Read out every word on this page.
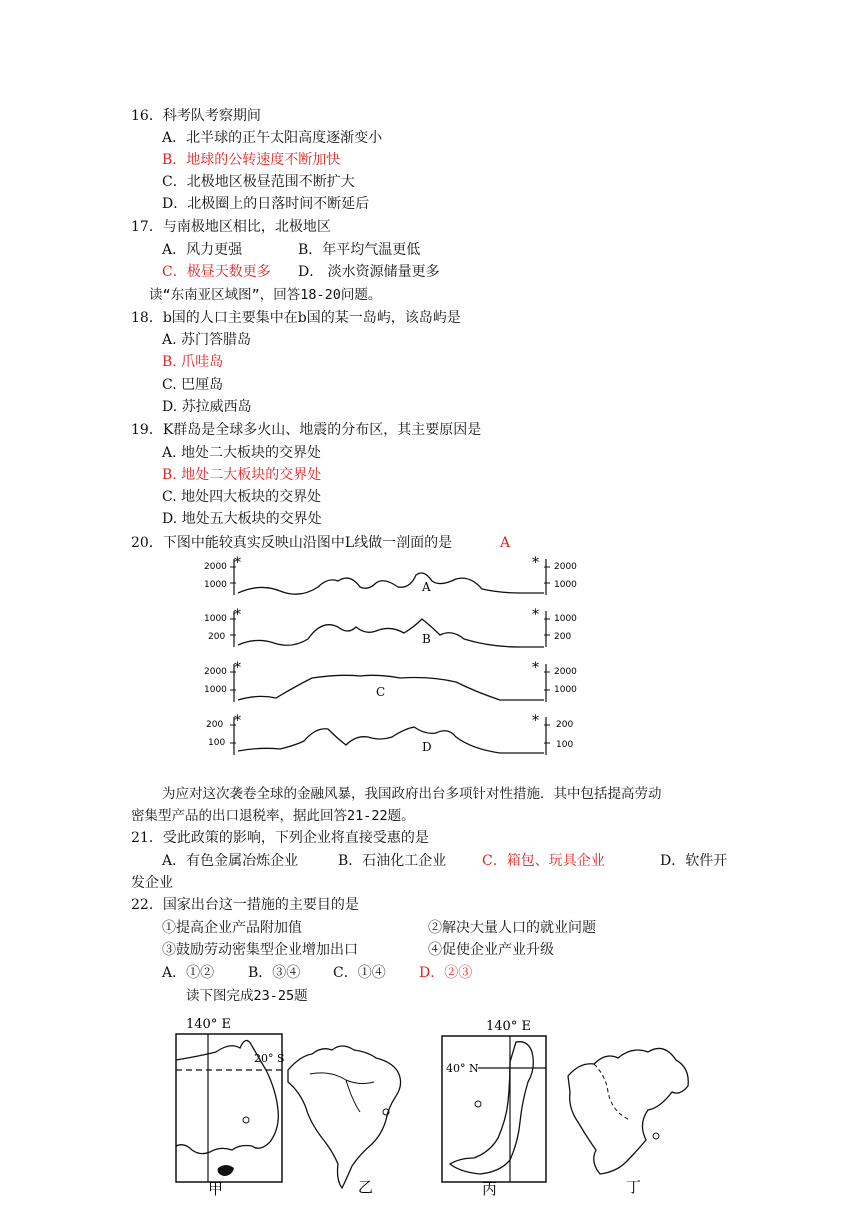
16．科考队考察期间
A．北半球的正午太阳高度逐渐变小
B．地球的公转速度不断加快
C．北极地区极昼范围不断扩大
D．北极圈上的日落时间不断延后
17．与南极地区相比，北极地区
A．风力更强	B．年平均气温更低
C．极昼天数更多 D． 淡水资源储量更多
读“东南亚区域图”，回答18-20问题。
18．b国的人口主要集中在b国的某一岛屿，该岛屿是
A. 苏门答腊岛
B. 爪哇岛
C. 巴厘岛
D. 苏拉威西岛
19．K群岛是全球多火山、地震的分布区，其主要原因是
A. 地处二大板块的交界处
B. 地处二大板块的交界处
C. 地处四大板块的交界处
D. 地处五大板块的交界处
20．下图中能较真实反映山沿图中L线做一剖面的是	A
2000
1000
*	*
A
2000
1000
1000
200
*	*
B
1000
200
2000
1000
*	*
C
2000
1000
200
100
*	*
D
200
100
为应对这次袭卷全球的金融风暴，我国政府出台多项针对性措施．其中包括提高劳动
密集型产品的出口退税率，据此回答21-22题。
21．受此政策的影响，下列企业将直接受惠的是
A．有色金属冶炼企业	B．石油化工企业	C．箱包、玩具企业	D．软件开
发企业
22．国家出台这一措施的主要目的是
①提高企业产品附加值	②解决大量人口的就业问题
③鼓励劳动密集型企业增加出口	④促使企业产业升级
A．①② B．③④ C．①④ D．②③
读下图完成23-25题
140° E
20° S
甲	乙
140° E
40° N
丙	丁
